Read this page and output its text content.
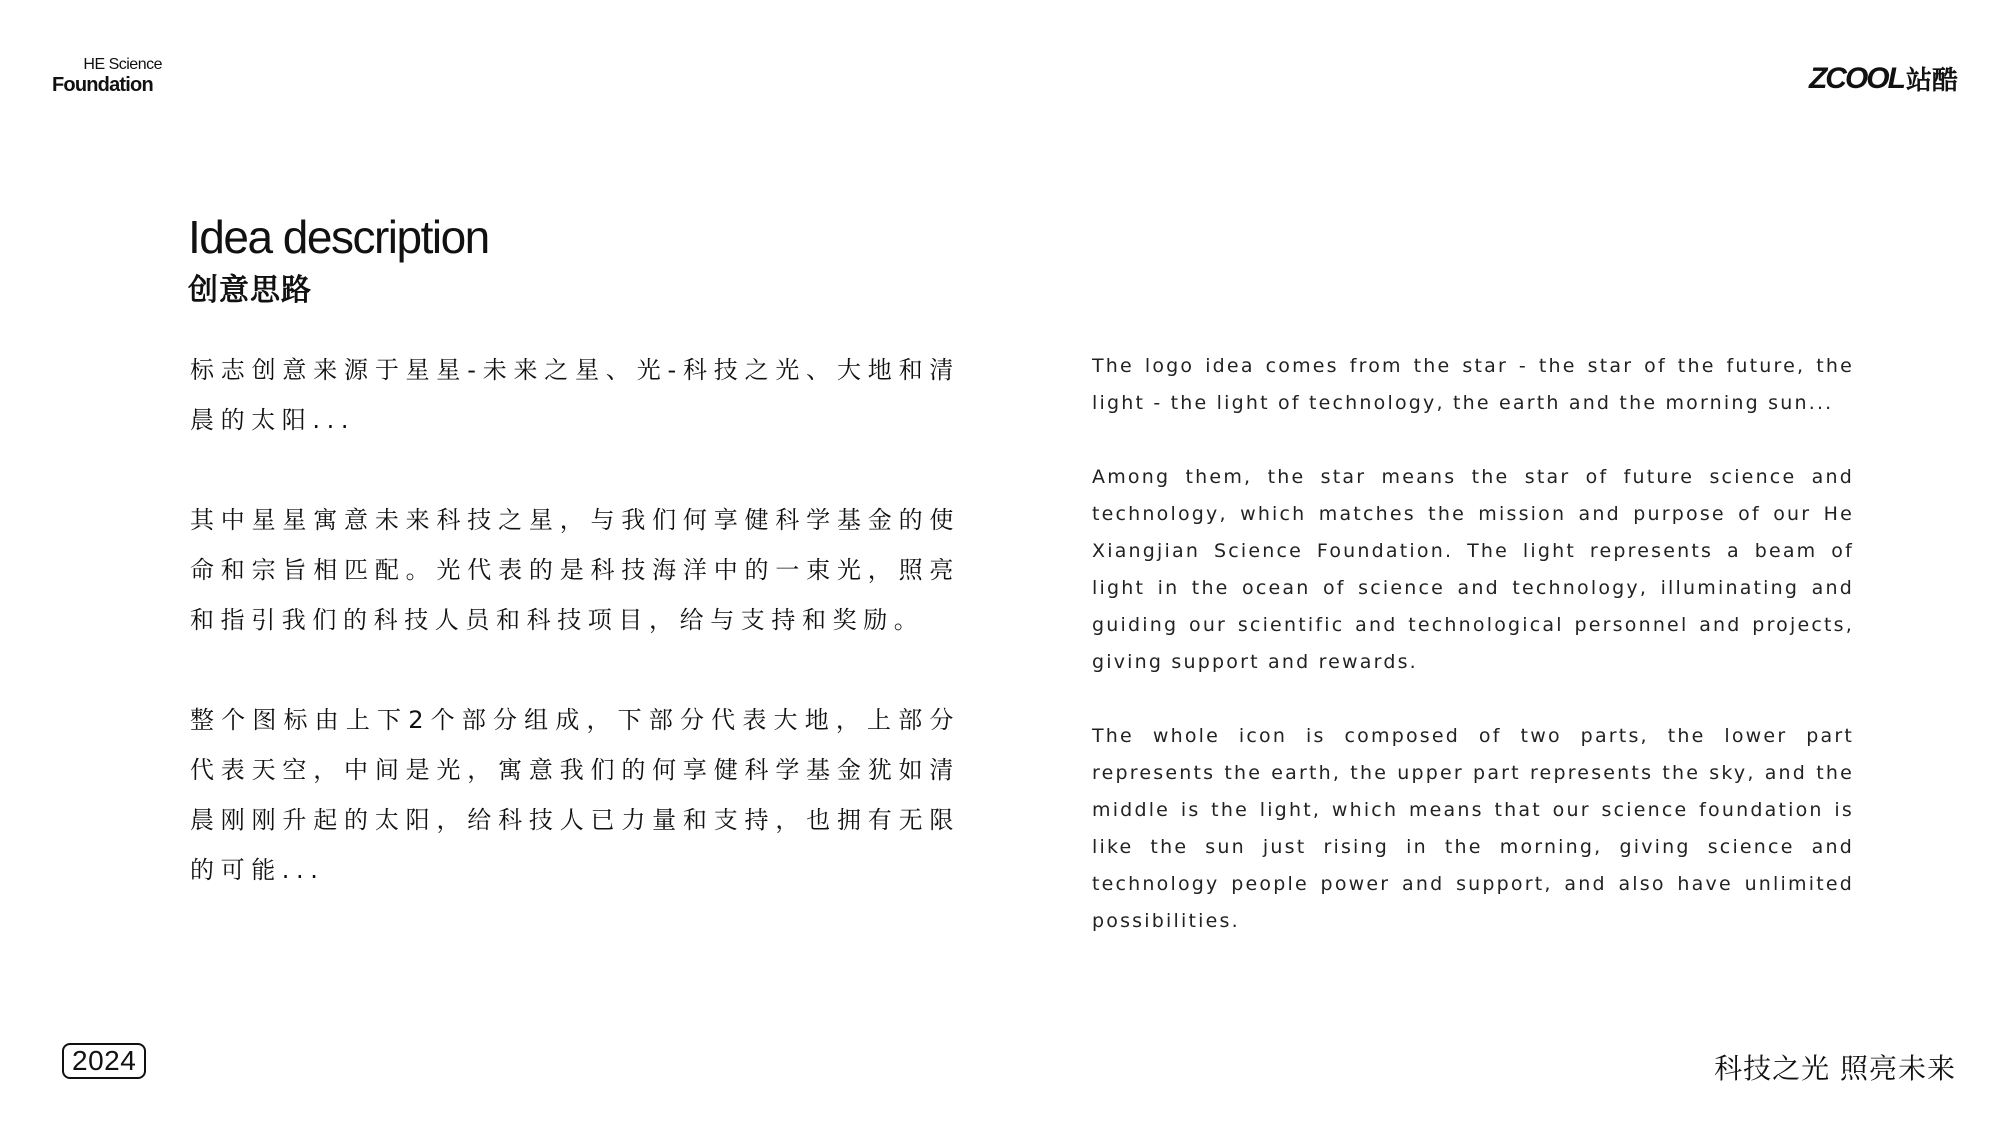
HE Science
Foundation	ZCOOL 站酷
Idea description
创意思路

标志创意来源于星星-未来之星、光-科技之光、大地和清晨的太阳...

其中星星寓意未来科技之星，与我们何享健科学基金的使命和宗旨相匹配。光代表的是科技海洋中的一束光，照亮和指引我们的科技人员和科技项目，给与支持和奖励。

整个图标由上下2个部分组成，下部分代表大地，上部分代表天空，中间是光，寓意我们的何享健科学基金犹如清晨刚刚升起的太阳，给科技人已力量和支持，也拥有无限的可能...

The logo idea comes from the star - the star of the future, the light - the light of technology, the earth and the morning sun...

Among them, the star means the star of future science and technology, which matches the mission and purpose of our He Xiangjian Science Foundation. The light represents a beam of light in the ocean of science and technology, illuminating and guiding our scientific and technological personnel and projects, giving support and rewards.

The whole icon is composed of two parts, the lower part represents the earth, the upper part represents the sky, and the middle is the light, which means that our science foundation is like the sun just rising in the morning, giving science and technology people power and support, and also have unlimited possibilities.

2024	科技之光 照亮未来
